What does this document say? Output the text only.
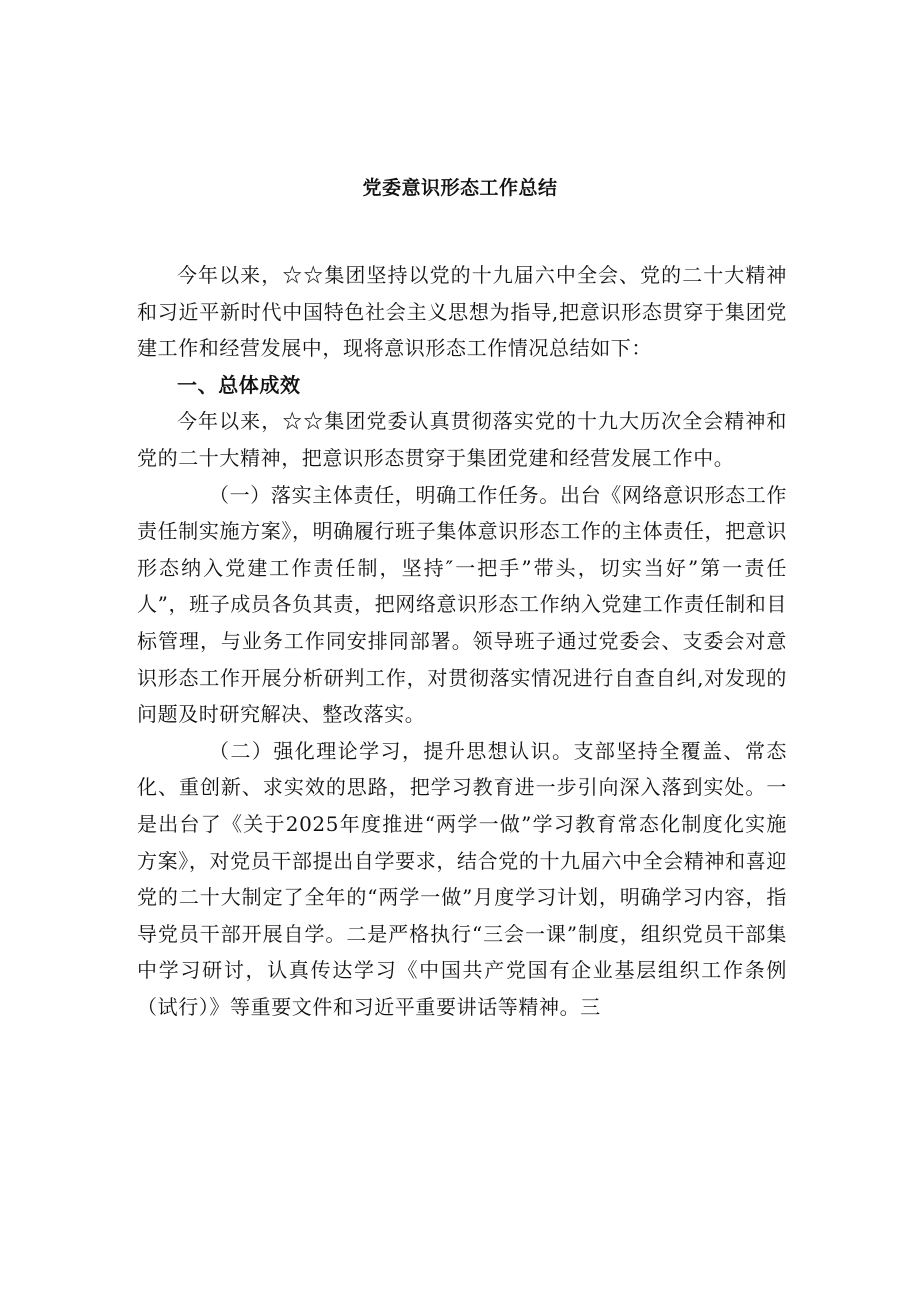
党委意识形态工作总结

今年以来，☆☆集团坚持以党的十九届六中全会、党的二十大精神和习近平新时代中国特色社会主义思想为指导,把意识形态贯穿于集团党建工作和经营发展中，现将意识形态工作情况总结如下：

一、总体成效

今年以来，☆☆集团党委认真贯彻落实党的十九大历次全会精神和党的二十大精神，把意识形态贯穿于集团党建和经营发展工作中。

（一）落实主体责任，明确工作任务。出台《网络意识形态工作责任制实施方案》，明确履行班子集体意识形态工作的主体责任，把意识形态纳入党建工作责任制，坚持″一把手”带头，切实当好”第一责任人”，班子成员各负其责，把网络意识形态工作纳入党建工作责任制和目标管理，与业务工作同安排同部署。领导班子通过党委会、支委会对意识形态工作开展分析研判工作，对贯彻落实情况进行自查自纠,对发现的问题及时研究解决、整改落实。

（二）强化理论学习，提升思想认识。支部坚持全覆盖、常态化、重创新、求实效的思路，把学习教育进一步引向深入落到实处。一是出台了《关于2025年度推进“两学一做”学习教育常态化制度化实施方案》，对党员干部提出自学要求，结合党的十九届六中全会精神和喜迎党的二十大制定了全年的“两学一做”月度学习计划，明确学习内容，指导党员干部开展自学。二是严格执行“三会一课”制度，组织党员干部集中学习研讨，认真传达学习《中国共产党国有企业基层组织工作条例（试行）》等重要文件和习近平重要讲话等精神。三
